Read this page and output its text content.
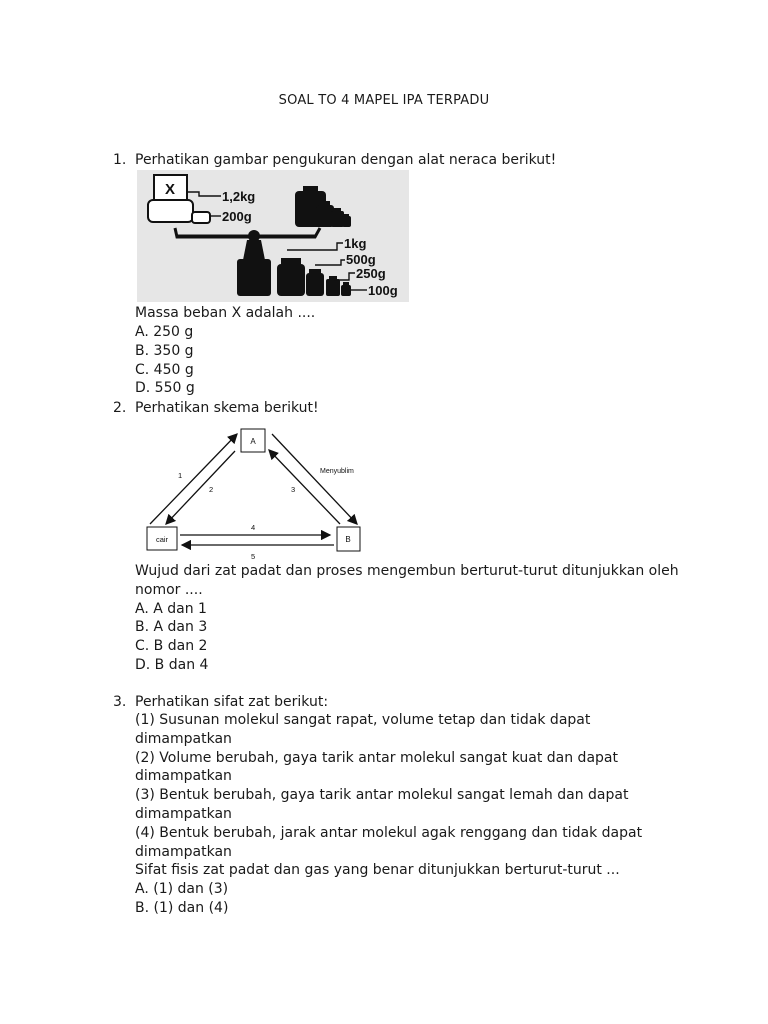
SOAL TO 4 MAPEL IPA TERPADU
1. Perhatikan gambar pengukuran dengan alat neraca berikut!
X	1,2kg
200g
1kg
500g
250g
100g
Massa beban X adalah ....
A. 250 g
B. 350 g
C. 450 g
D. 550 g
2. Perhatikan skema berikut!
A
cair	B
1
2	3
Menyublim
4
5
Wujud dari zat padat dan proses mengembun berturut-turut ditunjukkan oleh
nomor ....
A. A dan 1
B. A dan 3
C. B dan 2
D. B dan 4
3. Perhatikan sifat zat berikut:
(1) Susunan molekul sangat rapat, volume tetap dan tidak dapat
dimampatkan
(2) Volume berubah, gaya tarik antar molekul sangat kuat dan dapat
dimampatkan
(3) Bentuk berubah, gaya tarik antar molekul sangat lemah dan dapat
dimampatkan
(4) Bentuk berubah, jarak antar molekul agak renggang dan tidak dapat
dimampatkan
Sifat fisis zat padat dan gas yang benar ditunjukkan berturut-turut ...
A. (1) dan (3)
B. (1) dan (4)
